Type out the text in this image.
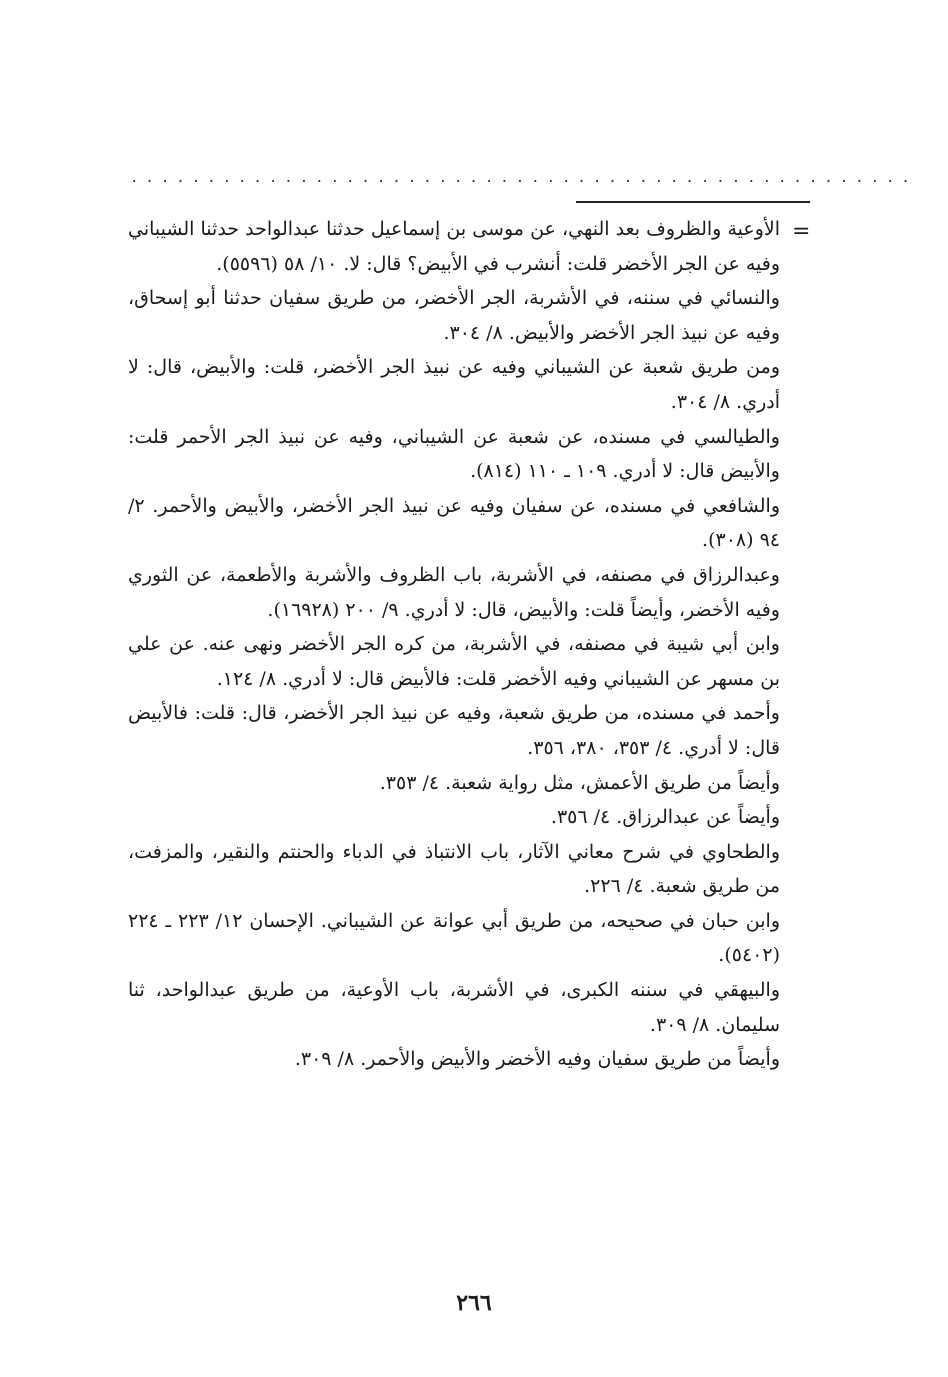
...................................................
=

الأوعية والظروف بعد النهي، عن موسى بن إسماعيل حدثنا عبدالواحد حدثنا الشيباني وفيه عن الجر الأخضر قلت: أنشرب في الأبيض؟ قال: لا. ١٠/ ٥٨ (٥٥٩٦).

والنسائي في سننه، في الأشربة، الجر الأخضر، من طريق سفيان حدثنا أبو إسحاق، وفيه عن نبيذ الجر الأخضر والأبيض. ٨/ ٣٠٤.

ومن طريق شعبة عن الشيباني وفيه عن نبيذ الجر الأخضر، قلت: والأبيض، قال: لا أدري. ٨/ ٣٠٤.

والطيالسي في مسنده، عن شعبة عن الشيباني، وفيه عن نبيذ الجر الأحمر قلت: والأبيض قال: لا أدري. ١٠٩ ـ ١١٠ (٨١٤).

والشافعي في مسنده، عن سفيان وفيه عن نبيذ الجر الأخضر، والأبيض والأحمر. ٢/ ٩٤ (٣٠٨).

وعبدالرزاق في مصنفه، في الأشربة، باب الظروف والأشربة والأطعمة، عن الثوري وفيه الأخضر، وأيضاً قلت: والأبيض، قال: لا أدري. ٩/ ٢٠٠ (١٦٩٢٨).

وابن أبي شيبة في مصنفه، في الأشربة، من كره الجر الأخضر ونهى عنه. عن علي بن مسهر عن الشيباني وفيه الأخضر قلت: فالأبيض قال: لا أدري. ٨/ ١٢٤.

وأحمد في مسنده، من طريق شعبة، وفيه عن نبيذ الجر الأخضر، قال: قلت: فالأبيض قال: لا أدري. ٤/ ٣٥٣، ٣٨٠، ٣٥٦.

وأيضاً من طريق الأعمش، مثل رواية شعبة. ٤/ ٣٥٣.

وأيضاً عن عبدالرزاق. ٤/ ٣٥٦.

والطحاوي في شرح معاني الآثار، باب الانتباذ في الدباء والحنتم والنقير، والمزفت، من طريق شعبة. ٤/ ٢٢٦.

وابن حبان في صحيحه، من طريق أبي عوانة عن الشيباني. الإحسان ١٢/ ٢٢٣ ـ ٢٢٤ (٥٤٠٢).

والبيهقي في سننه الكبرى، في الأشربة، باب الأوعية، من طريق عبدالواحد، ثنا سليمان. ٨/ ٣٠٩.

وأيضاً من طريق سفيان وفيه الأخضر والأبيض والأحمر. ٨/ ٣٠٩.

٢٦٦
